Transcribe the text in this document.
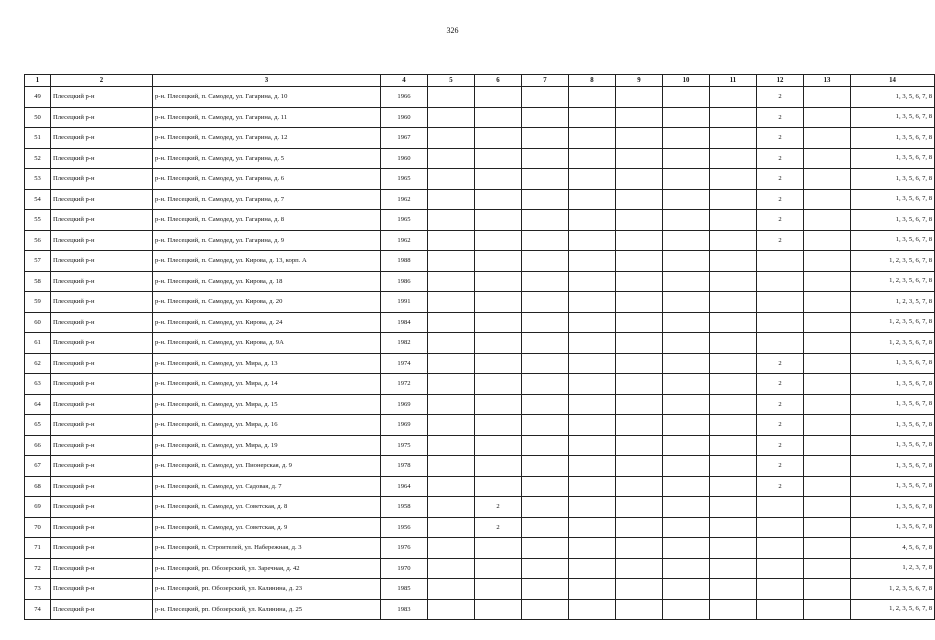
326
1	2	3	4	5	6	7	8	9	10	11	12	13	14
49	Плесецкий р-н	р-н. Плесецкий, п. Самодед, ул. Гагарина, д. 10	1966								2		1, 3, 5, 6, 7, 8
50	Плесецкий р-н	р-н. Плесецкий, п. Самодед, ул. Гагарина, д. 11	1960								2		1, 3, 5, 6, 7, 8
51	Плесецкий р-н	р-н. Плесецкий, п. Самодед, ул. Гагарина, д. 12	1967								2		1, 3, 5, 6, 7, 8
52	Плесецкий р-н	р-н. Плесецкий, п. Самодед, ул. Гагарина, д. 5	1960								2		1, 3, 5, 6, 7, 8
53	Плесецкий р-н	р-н. Плесецкий, п. Самодед, ул. Гагарина, д. 6	1965								2		1, 3, 5, 6, 7, 8
54	Плесецкий р-н	р-н. Плесецкий, п. Самодед, ул. Гагарина, д. 7	1962								2		1, 3, 5, 6, 7, 8
55	Плесецкий р-н	р-н. Плесецкий, п. Самодед, ул. Гагарина, д. 8	1965								2		1, 3, 5, 6, 7, 8
56	Плесецкий р-н	р-н. Плесецкий, п. Самодед, ул. Гагарина, д. 9	1962								2		1, 3, 5, 6, 7, 8
57	Плесецкий р-н	р-н. Плесецкий, п. Самодед, ул. Кирова, д. 13, корп. А	1988										1, 2, 3, 5, 6, 7, 8
58	Плесецкий р-н	р-н. Плесецкий, п. Самодед, ул. Кирова, д. 18	1986										1, 2, 3, 5, 6, 7, 8
59	Плесецкий р-н	р-н. Плесецкий, п. Самодед, ул. Кирова, д. 20	1991										1, 2, 3, 5, 7, 8
60	Плесецкий р-н	р-н. Плесецкий, п. Самодед, ул. Кирова, д. 24	1984										1, 2, 3, 5, 6, 7, 8
61	Плесецкий р-н	р-н. Плесецкий, п. Самодед, ул. Кирова, д. 9А	1982										1, 2, 3, 5, 6, 7, 8
62	Плесецкий р-н	р-н. Плесецкий, п. Самодед, ул. Мира, д. 13	1974								2		1, 3, 5, 6, 7, 8
63	Плесецкий р-н	р-н. Плесецкий, п. Самодед, ул. Мира, д. 14	1972								2		1, 3, 5, 6, 7, 8
64	Плесецкий р-н	р-н. Плесецкий, п. Самодед, ул. Мира, д. 15	1969								2		1, 3, 5, 6, 7, 8
65	Плесецкий р-н	р-н. Плесецкий, п. Самодед, ул. Мира, д. 16	1969								2		1, 3, 5, 6, 7, 8
66	Плесецкий р-н	р-н. Плесецкий, п. Самодед, ул. Мира, д. 19	1975								2		1, 3, 5, 6, 7, 8
67	Плесецкий р-н	р-н. Плесецкий, п. Самодед, ул. Пионерская, д. 9	1978								2		1, 3, 5, 6, 7, 8
68	Плесецкий р-н	р-н. Плесецкий, п. Самодед, ул. Садовая, д. 7	1964								2		1, 3, 5, 6, 7, 8
69	Плесецкий р-н	р-н. Плесецкий, п. Самодед, ул. Советская, д. 8	1958		2								1, 3, 5, 6, 7, 8
70	Плесецкий р-н	р-н. Плесецкий, п. Самодед, ул. Советская, д. 9	1956		2								1, 3, 5, 6, 7, 8
71	Плесецкий р-н	р-н. Плесецкий, п. Строителей, ул. Набережная, д. 3	1976										4, 5, 6, 7, 8
72	Плесецкий р-н	р-н. Плесецкий, рп. Обозерский, ул. Заречная, д. 42	1970										1, 2, 3, 7, 8
73	Плесецкий р-н	р-н. Плесецкий, рп. Обозерский, ул. Калинина, д. 23	1985										1, 2, 3, 5, 6, 7, 8
74	Плесецкий р-н	р-н. Плесецкий, рп. Обозерский, ул. Калинина, д. 25	1983										1, 2, 3, 5, 6, 7, 8
